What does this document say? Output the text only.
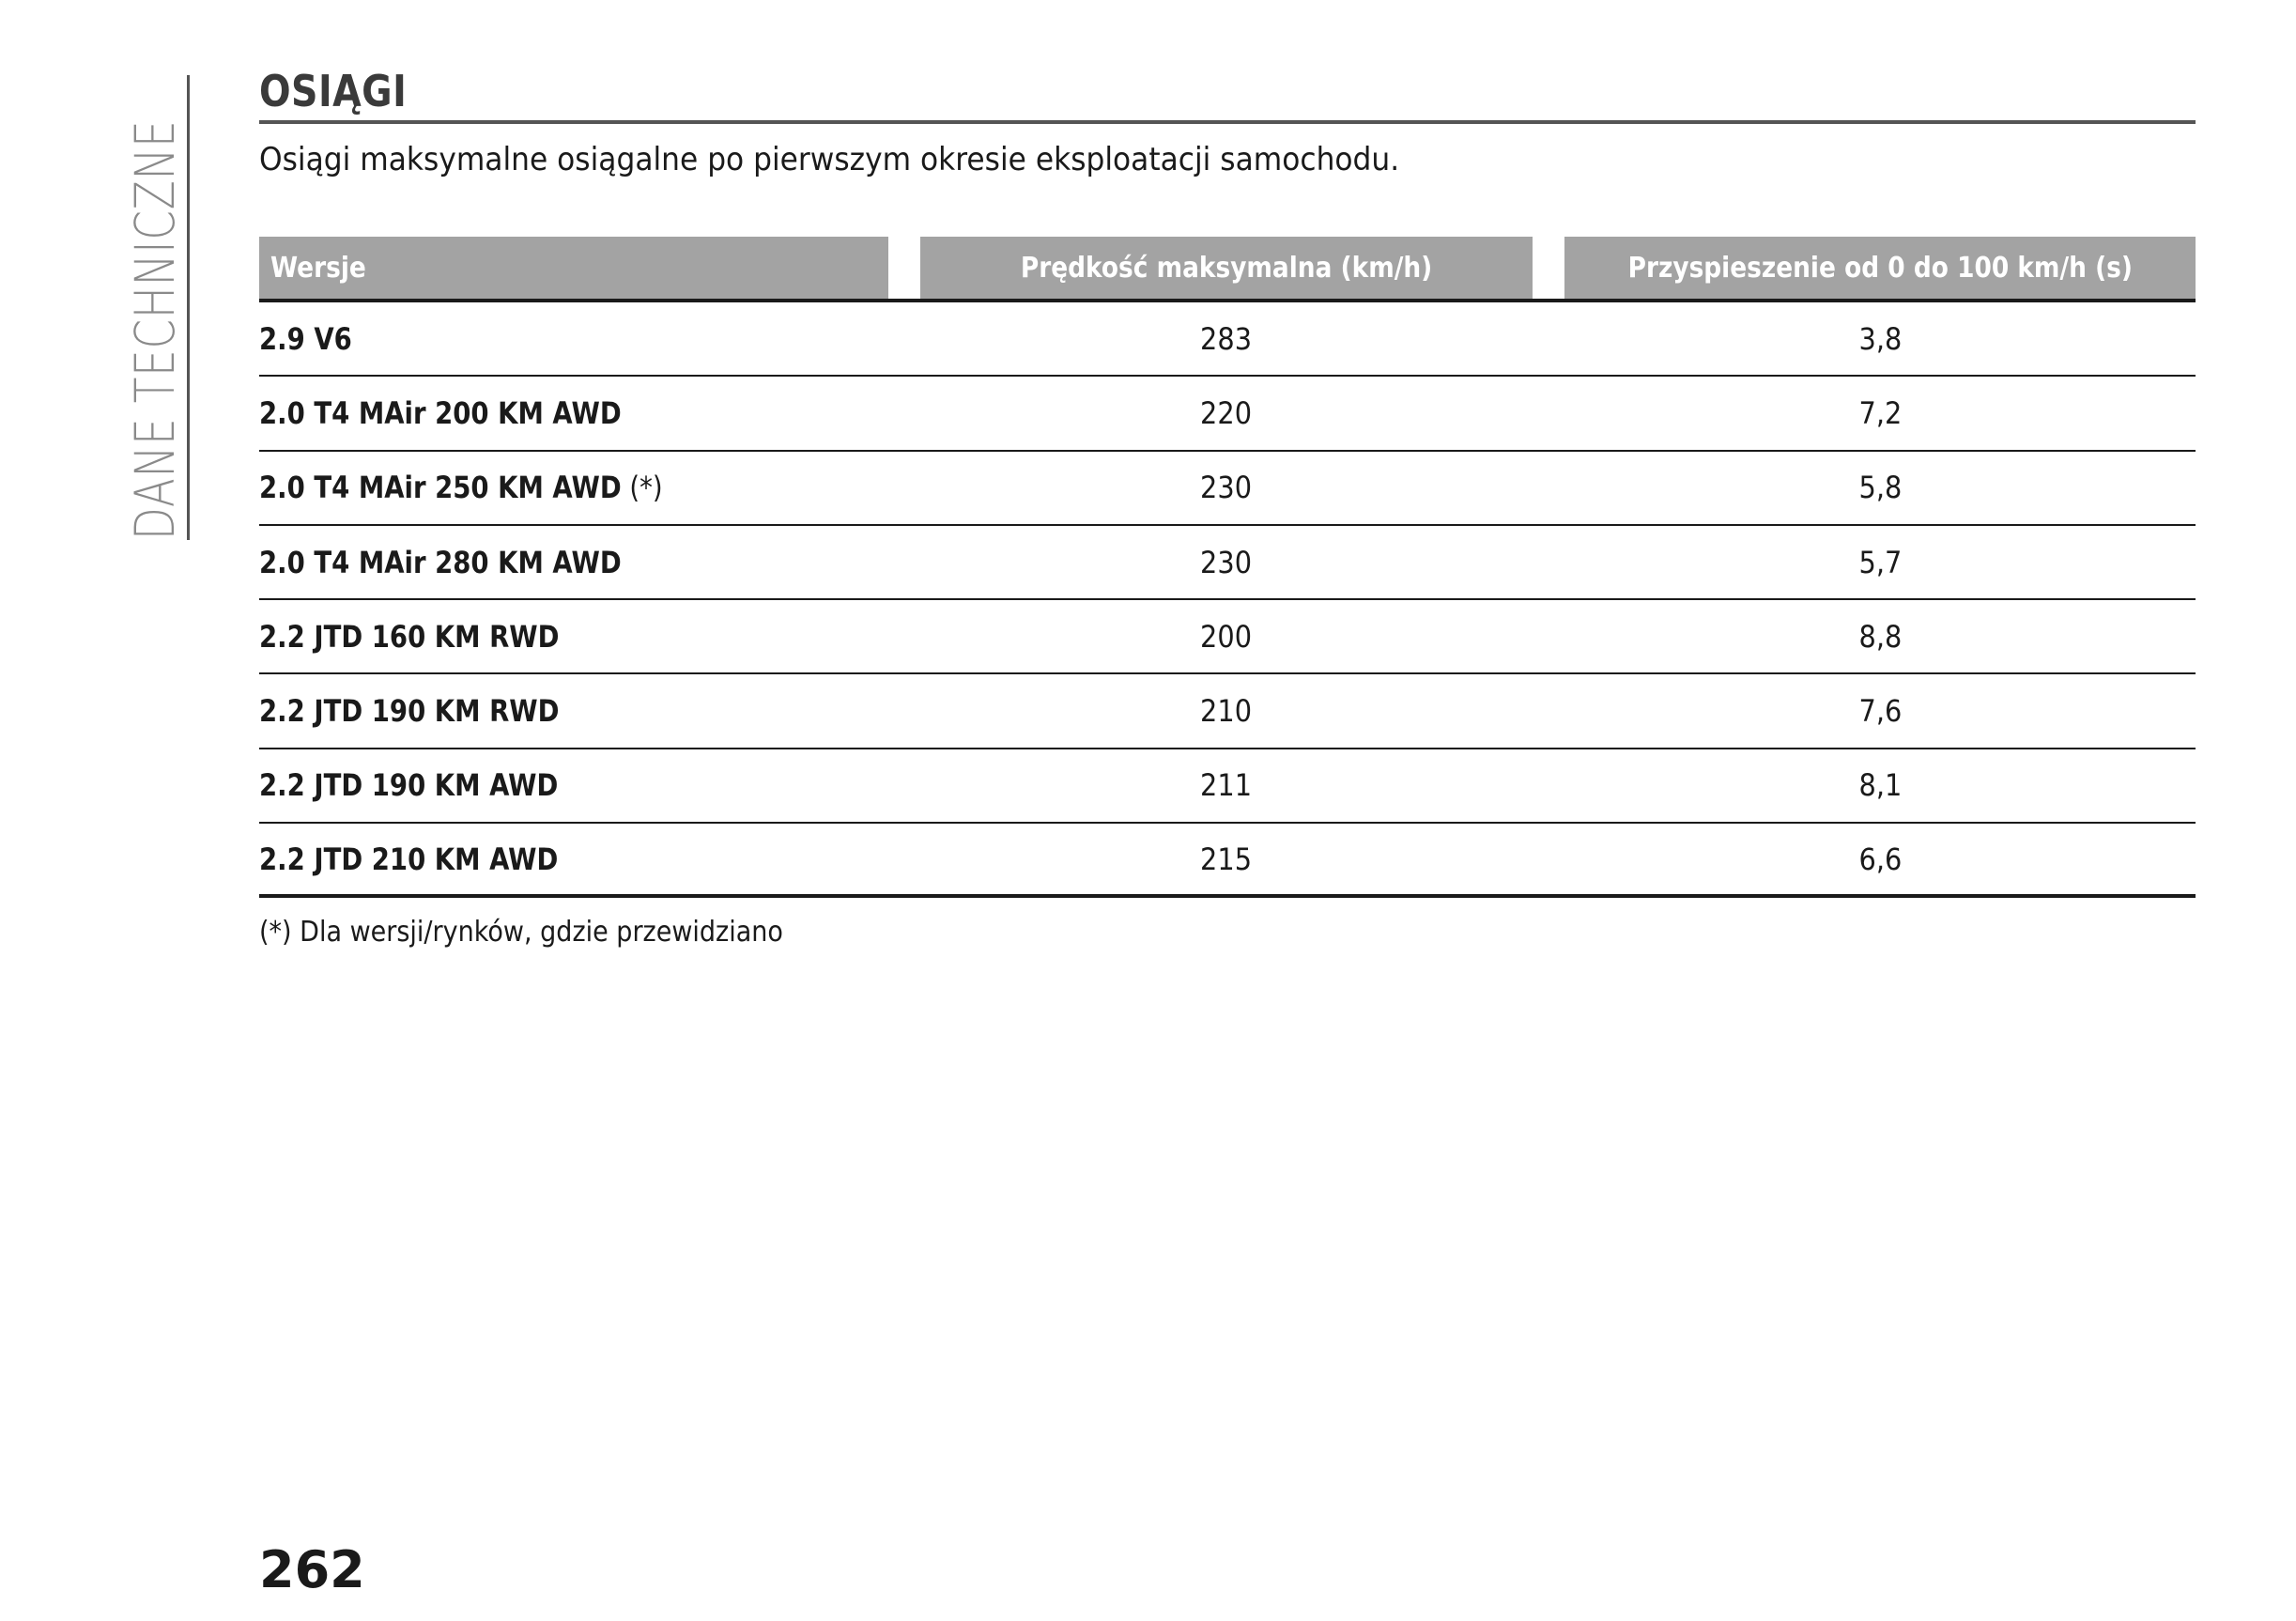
DANE TECHNICZNE
OSIĄGI
Osiągi maksymalne osiągalne po pierwszym okresie eksploatacji samochodu.
Wersje	Prędkość maksymalna (km/h)	Przyspieszenie od 0 do 100 km/h (s)
2.9 V6	283	3,8
2.0 T4 MAir 200 KM AWD	220	7,2
2.0 T4 MAir 250 KM AWD (*)	230	5,8
2.0 T4 MAir 280 KM AWD	230	5,7
2.2 JTD 160 KM RWD	200	8,8
2.2 JTD 190 KM RWD	210	7,6
2.2 JTD 190 KM AWD	211	8,1
2.2 JTD 210 KM AWD	215	6,6
(*) Dla wersji/rynków, gdzie przewidziano
262
